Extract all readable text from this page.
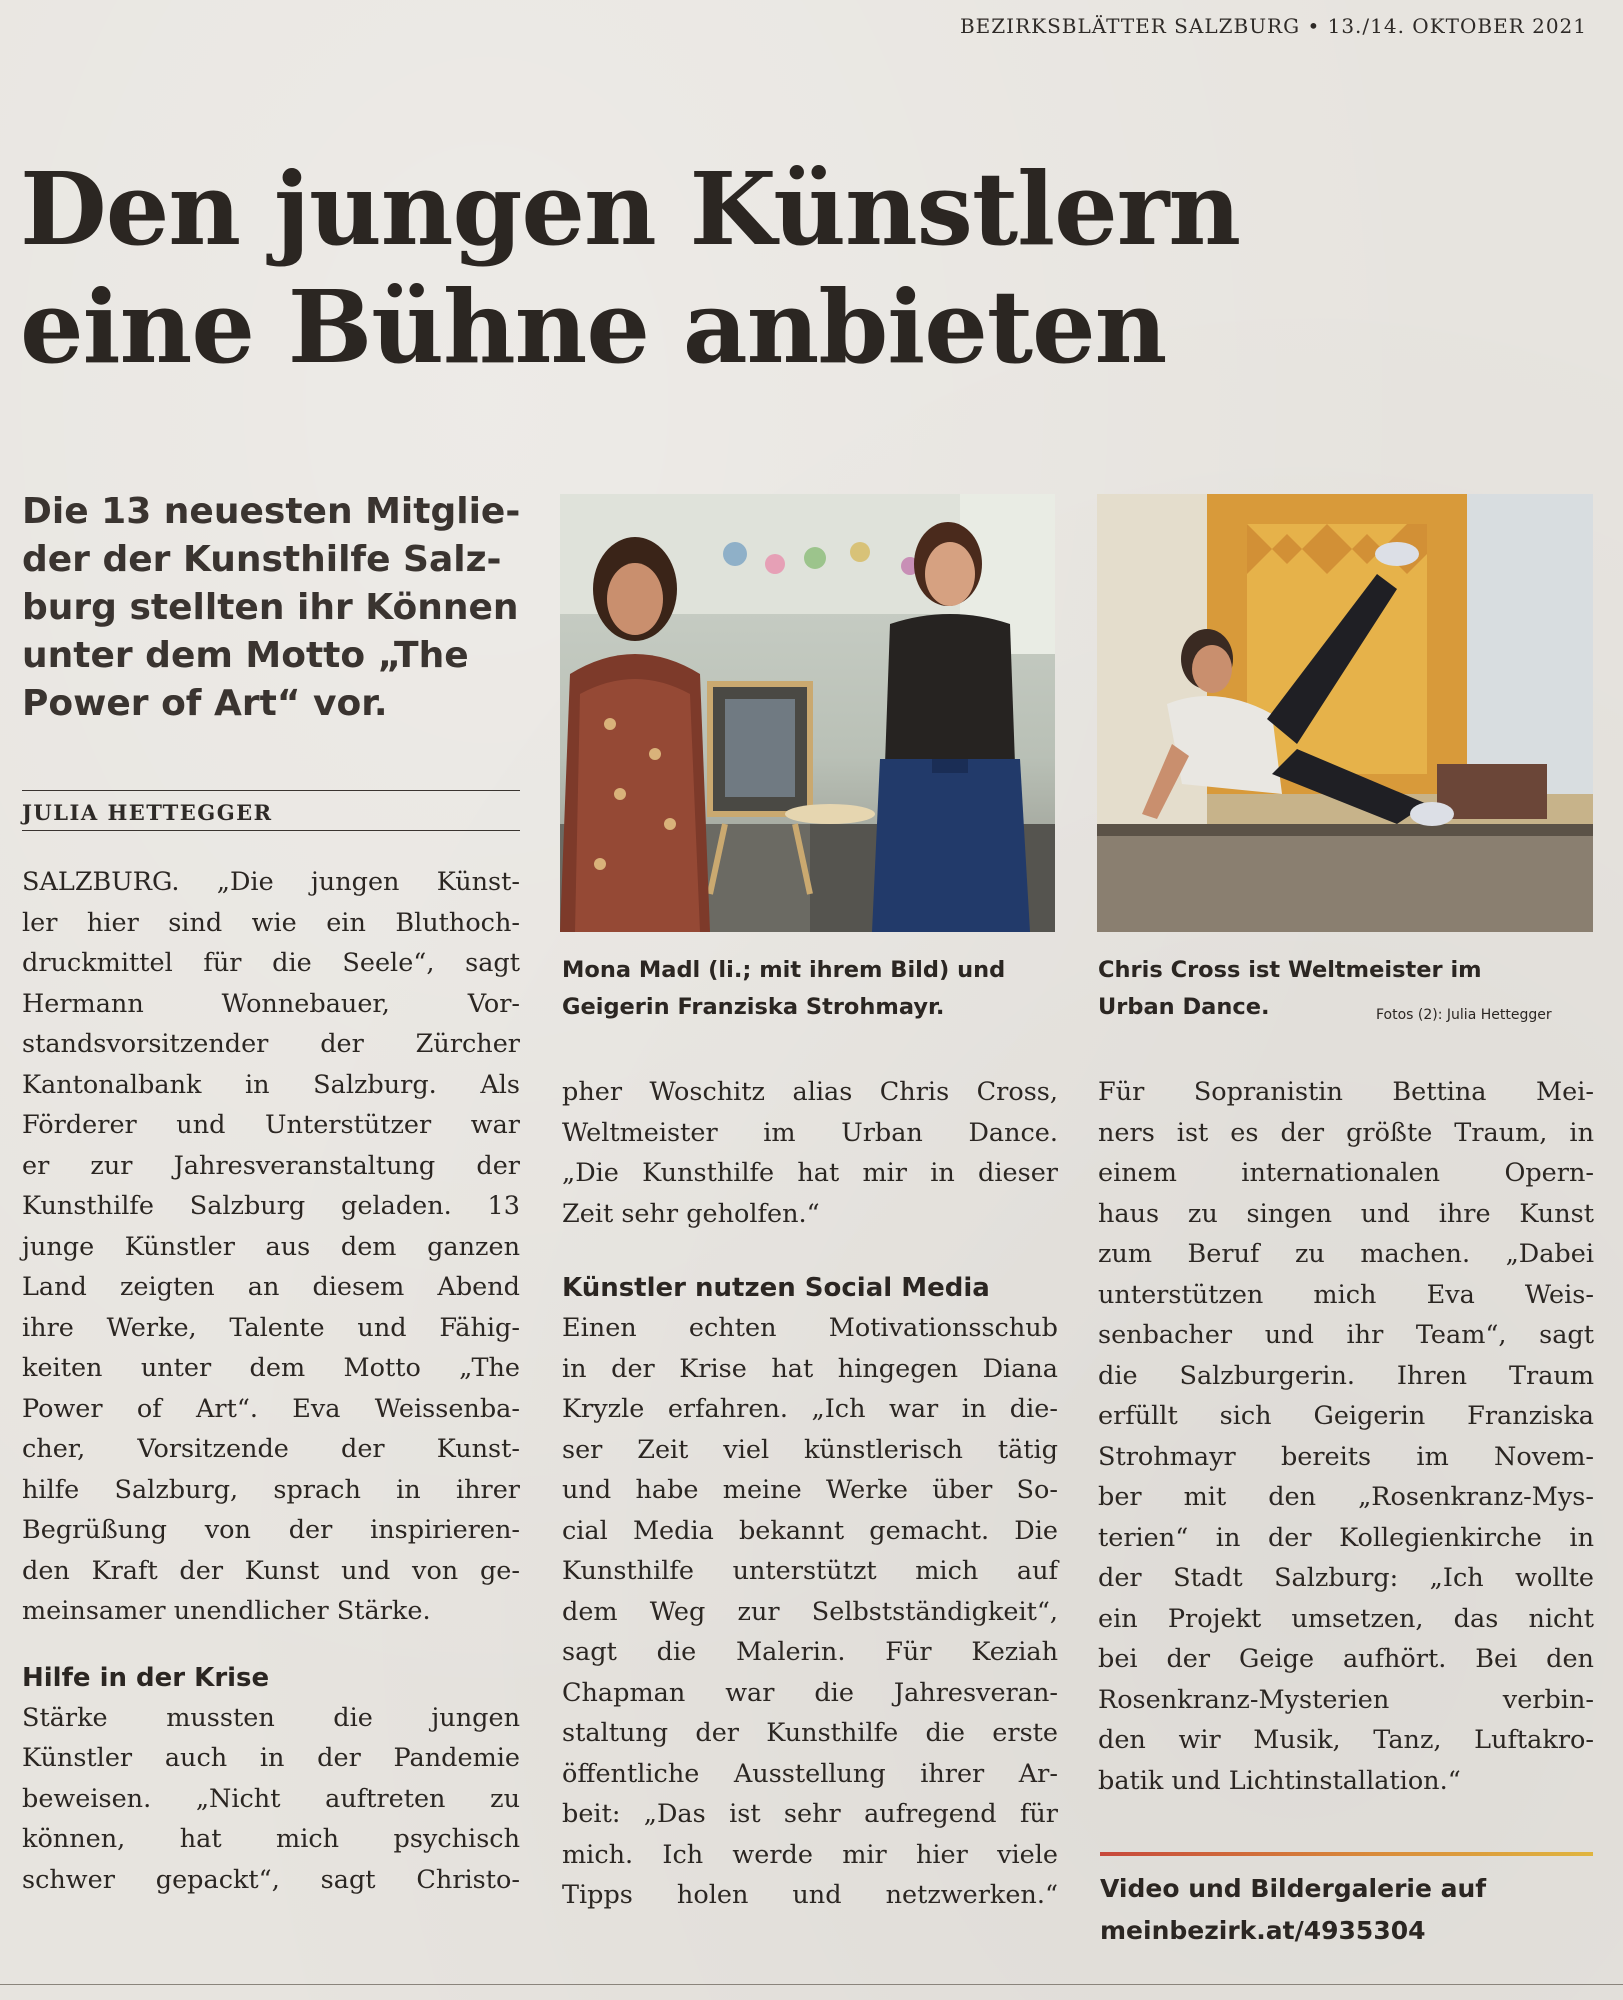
BEZIRKSBLÄTTER SALZBURG • 13./14. OKTOBER 2021
Den jungen Künstlern
eine Bühne anbieten
Die 13 neuesten Mitglie-
der der Kunsthilfe Salz-
burg stellten ihr Können
unter dem Motto „The
Power of Art“ vor.
JULIA HETTEGGER
SALZBURG. „Die jungen Künst-
ler hier sind wie ein Bluthoch-
druckmittel für die Seele“, sagt
Hermann Wonnebauer, Vor-
standsvorsitzender der Zürcher
Kantonalbank in Salzburg. Als
Förderer und Unterstützer war
er zur Jahresveranstaltung der
Kunsthilfe Salzburg geladen. 13
junge Künstler aus dem ganzen
Land zeigten an diesem Abend
ihre Werke, Talente und Fähig-
keiten unter dem Motto „The
Power of Art“. Eva Weissenba-
cher, Vorsitzende der Kunst-
hilfe Salzburg, sprach in ihrer
Begrüßung von der inspirieren-
den Kraft der Kunst und von ge-
meinsamer unendlicher Stärke.
Hilfe in der Krise
Stärke mussten die jungen
Künstler auch in der Pandemie
beweisen. „Nicht auftreten zu
können, hat mich psychisch
schwer gepackt“, sagt Christo-
Mona Madl (li.; mit ihrem Bild) und
Geigerin Franziska Strohmayr.
Chris Cross ist Weltmeister im
Urban Dance.	Fotos (2): Julia Hettegger
pher Woschitz alias Chris Cross,
Weltmeister im Urban Dance.
„Die Kunsthilfe hat mir in dieser
Zeit sehr geholfen.“
Künstler nutzen Social Media
Einen echten Motivationsschub
in der Krise hat hingegen Diana
Kryzle erfahren. „Ich war in die-
ser Zeit viel künstlerisch tätig
und habe meine Werke über So-
cial Media bekannt gemacht. Die
Kunsthilfe unterstützt mich auf
dem Weg zur Selbstständigkeit“,
sagt die Malerin. Für Keziah
Chapman war die Jahresveran-
staltung der Kunsthilfe die erste
öffentliche Ausstellung ihrer Ar-
beit: „Das ist sehr aufregend für
mich. Ich werde mir hier viele
Tipps holen und netzwerken.“
Für Sopranistin Bettina Mei-
ners ist es der größte Traum, in
einem internationalen Opern-
haus zu singen und ihre Kunst
zum Beruf zu machen. „Dabei
unterstützen mich Eva Weis-
senbacher und ihr Team“, sagt
die Salzburgerin. Ihren Traum
erfüllt sich Geigerin Franziska
Strohmayr bereits im Novem-
ber mit den „Rosenkranz-Mys-
terien“ in der Kollegienkirche in
der Stadt Salzburg: „Ich wollte
ein Projekt umsetzen, das nicht
bei der Geige aufhört. Bei den
Rosenkranz-Mysterien verbin-
den wir Musik, Tanz, Luftakro-
batik und Lichtinstallation.“
Video und Bildergalerie auf
meinbezirk.at/4935304
